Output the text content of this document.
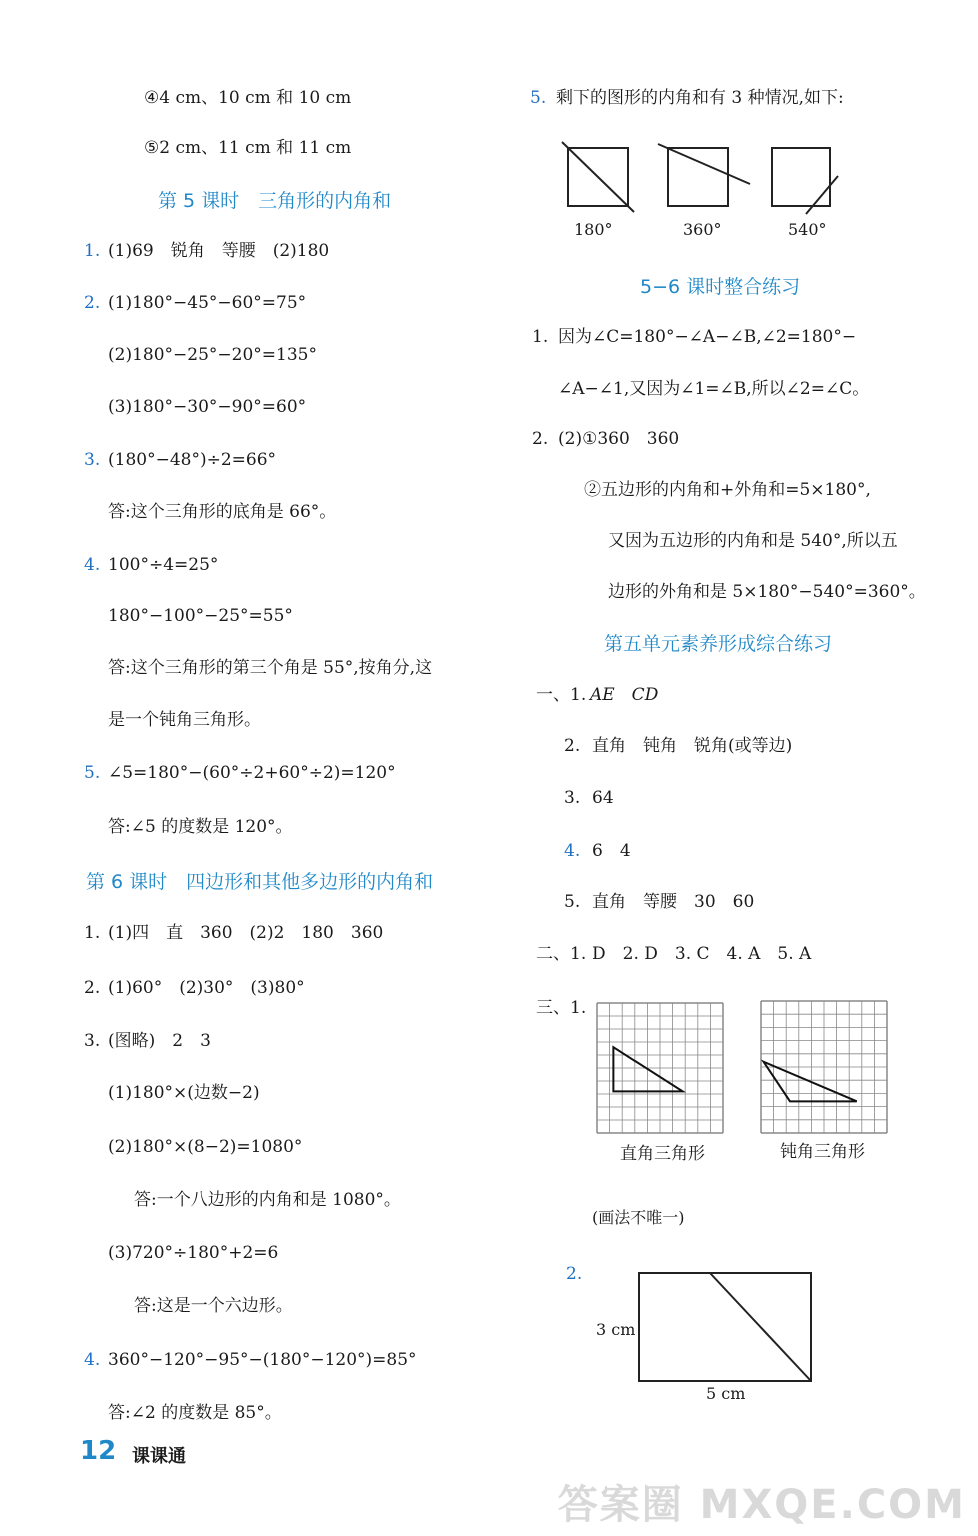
④4 cm、10 cm 和 10 cm
⑤2 cm、11 cm 和 11 cm
第 5 课时　三角形的内角和
1. (1)69　锐角　等腰　(2)180
2. (1)180°−45°−60°=75°
(2)180°−25°−20°=135°
(3)180°−30°−90°=60°
3. (180°−48°)÷2=66°
答:这个三角形的底角是 66°。
4. 100°÷4=25°
180°−100°−25°=55°
答:这个三角形的第三个角是 55°,按角分,这
是一个钝角三角形。
5. ∠5=180°−(60°÷2+60°÷2)=120°
答:∠5 的度数是 120°。
第 6 课时　四边形和其他多边形的内角和
1. (1)四　直　360　(2)2　180　360
2. (1)60°　(2)30°　(3)80°
3. (图略)　2　3
(1)180°×(边数−2)
(2)180°×(8−2)=1080°
答:一个八边形的内角和是 1080°。
(3)720°÷180°+2=6
答:这是一个六边形。
4. 360°−120°−95°−(180°−120°)=85°
答:∠2 的度数是 85°。
5. 剩下的图形的内角和有 3 种情况,如下:
180°	360°	540°
5−6 课时整合练习
1. 因为∠C=180°−∠A−∠B,∠2=180°−
∠A−∠1,又因为∠1=∠B,所以∠2=∠C。
2. (2)①360　360
②五边形的内角和+外角和=5×180°,
又因为五边形的内角和是 540°,所以五
边形的外角和是 5×180°−540°=360°。
第五单元素养形成综合练习
一、1. AE　CD
2. 直角　钝角　锐角(或等边)
3. 64
4. 6　4
5. 直角　等腰　30　60
二、1. D　2. D　3. C　4. A　5. A
三、1.
直角三角形	钝角三角形
(画法不唯一)
2.
3 cm
5 cm
12 课课通
答案圈 MXQE.COM
